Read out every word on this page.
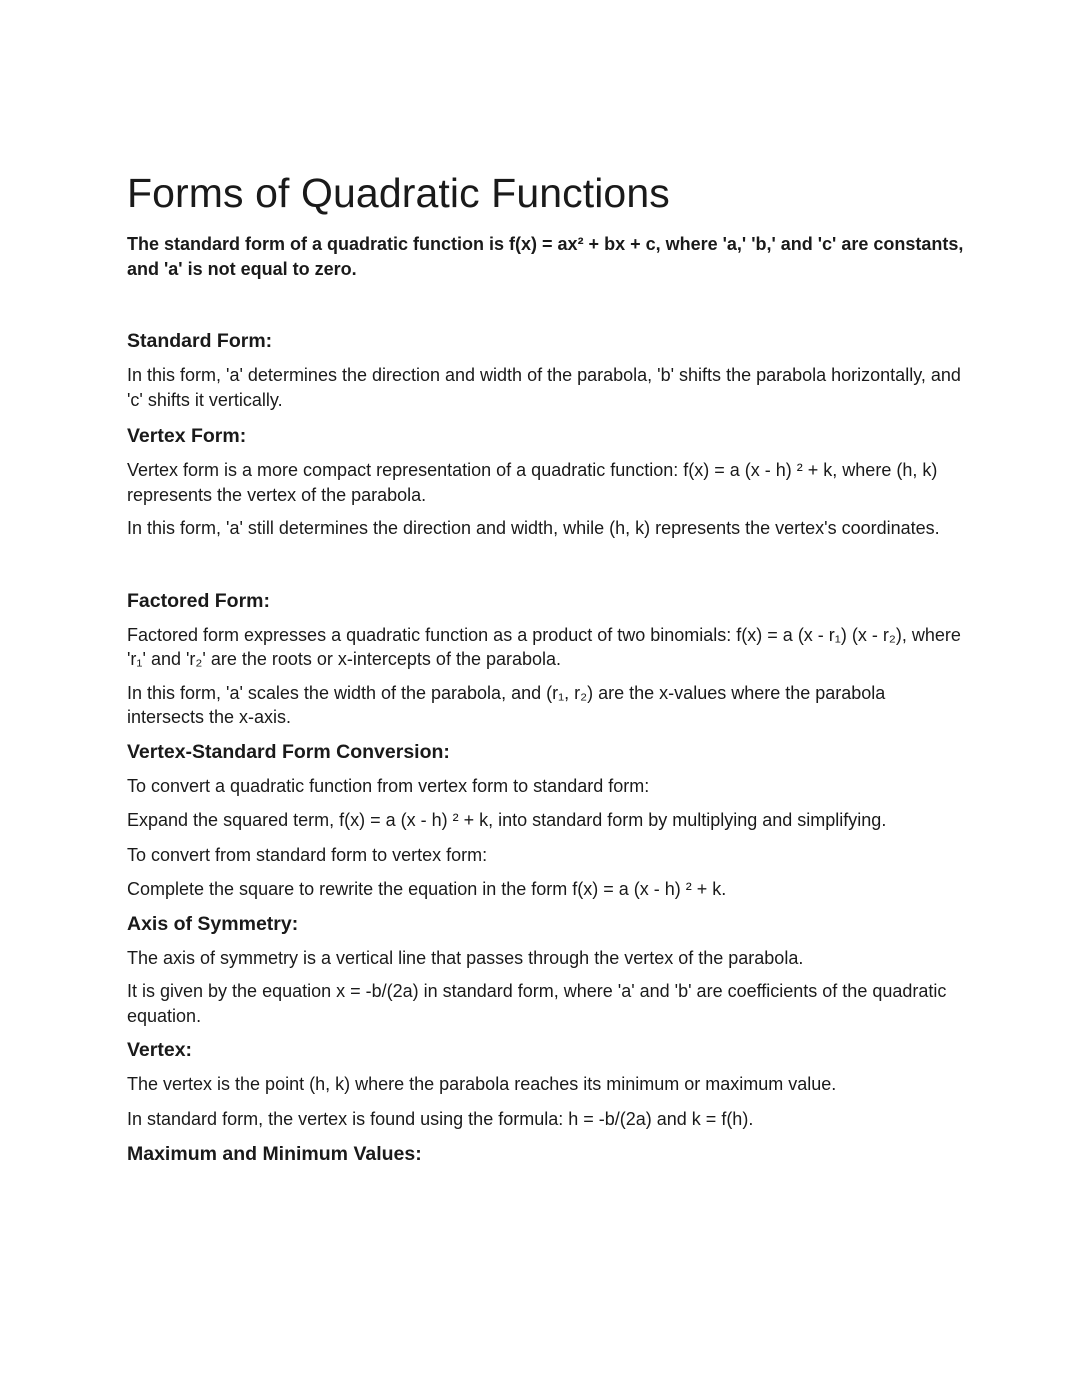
Forms of Quadratic Functions

The standard form of a quadratic function is f(x) = ax² + bx + c, where 'a,' 'b,' and 'c' are constants, and 'a' is not equal to zero.

Standard Form:

In this form, 'a' determines the direction and width of the parabola, 'b' shifts the parabola horizontally, and 'c' shifts it vertically.

Vertex Form:

Vertex form is a more compact representation of a quadratic function: f(x) = a (x - h) ² + k, where (h, k) represents the vertex of the parabola.

In this form, 'a' still determines the direction and width, while (h, k) represents the vertex's coordinates.

Factored Form:

Factored form expresses a quadratic function as a product of two binomials: f(x) = a (x - r₁) (x - r₂), where 'r₁' and 'r₂' are the roots or x-intercepts of the parabola.

In this form, 'a' scales the width of the parabola, and (r₁, r₂) are the x-values where the parabola intersects the x-axis.

Vertex-Standard Form Conversion:

To convert a quadratic function from vertex form to standard form:

Expand the squared term, f(x) = a (x - h) ² + k, into standard form by multiplying and simplifying.

To convert from standard form to vertex form:

Complete the square to rewrite the equation in the form f(x) = a (x - h) ² + k.

Axis of Symmetry:

The axis of symmetry is a vertical line that passes through the vertex of the parabola.

It is given by the equation x = -b/(2a) in standard form, where 'a' and 'b' are coefficients of the quadratic equation.

Vertex:

The vertex is the point (h, k) where the parabola reaches its minimum or maximum value.

In standard form, the vertex is found using the formula: h = -b/(2a) and k = f(h).

Maximum and Minimum Values:
